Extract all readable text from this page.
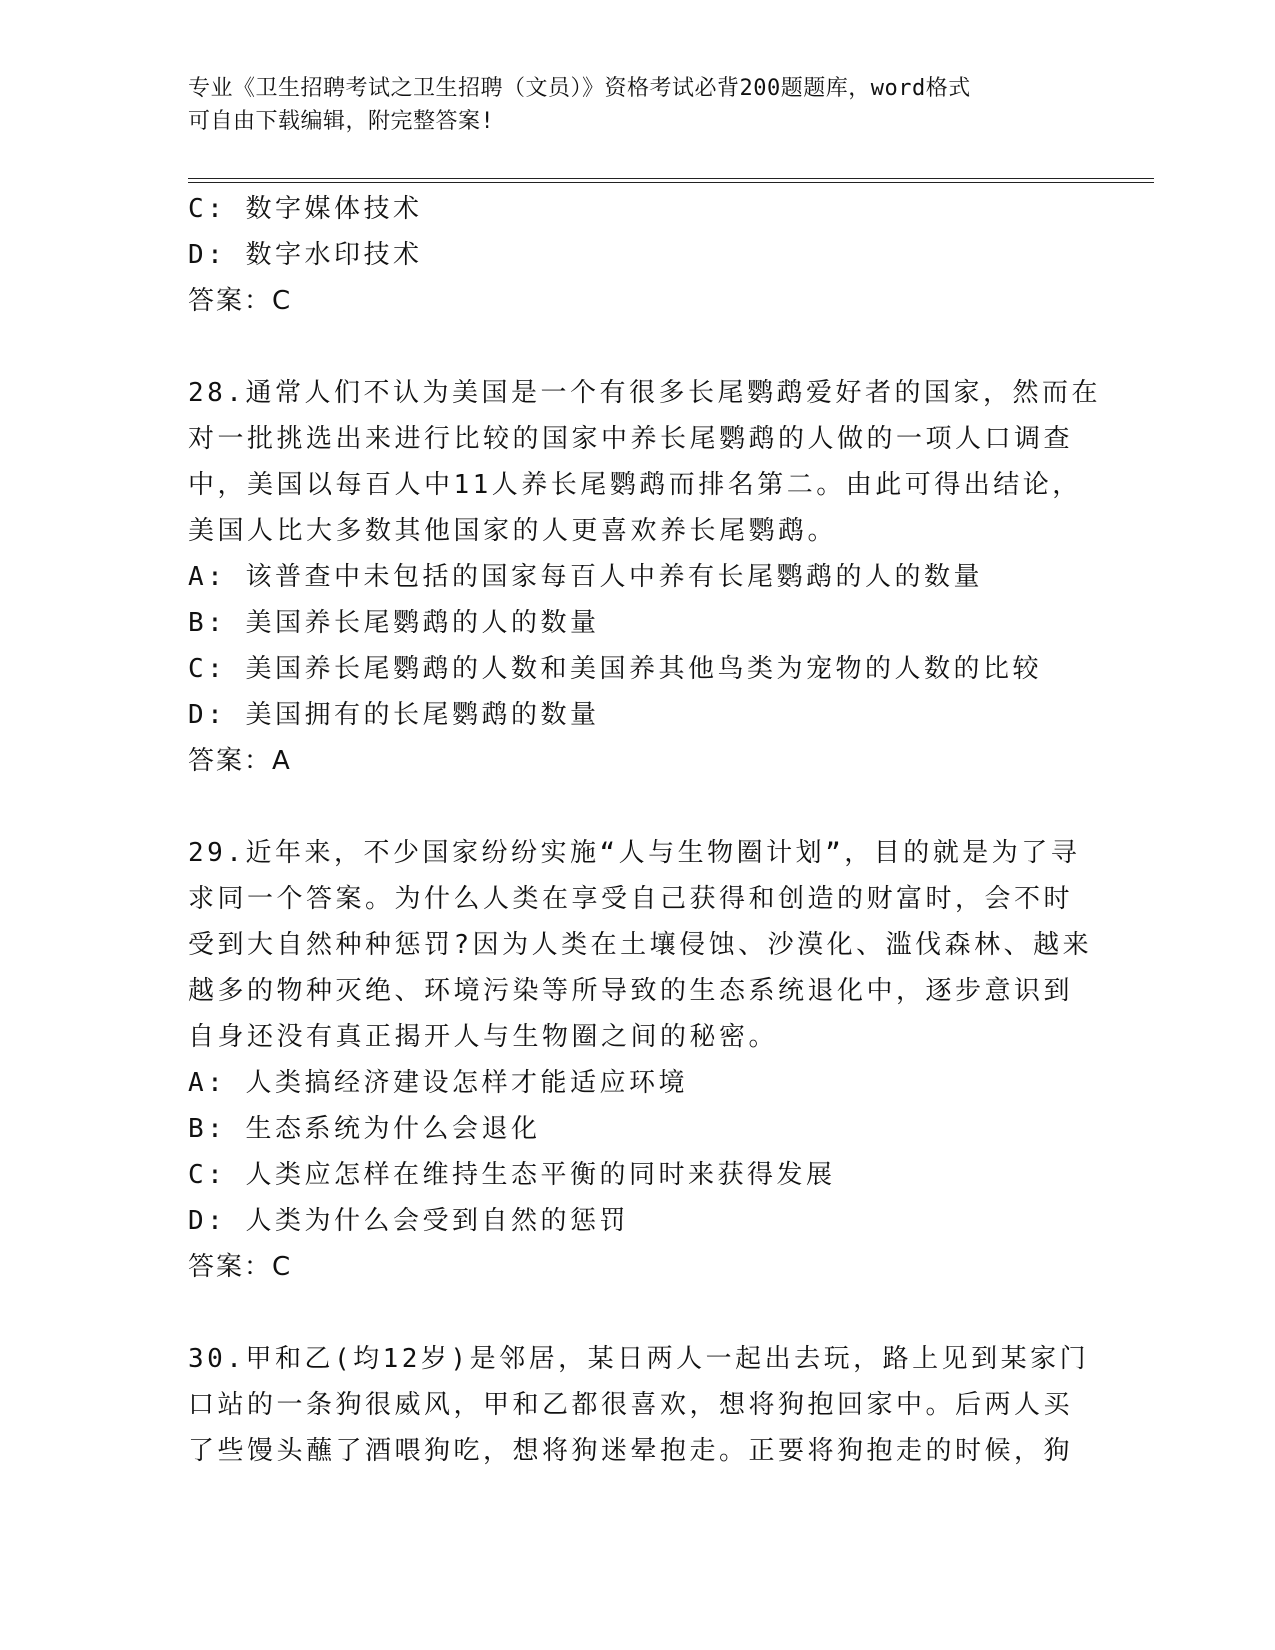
专业《卫生招聘考试之卫生招聘（文员）》资格考试必背200题题库，word格式
可自由下载编辑，附完整答案!
C: 数字媒体技术
D: 数字水印技术
答案：C
28.通常人们不认为美国是一个有很多长尾鹦鹉爱好者的国家，然而在
对一批挑选出来进行比较的国家中养长尾鹦鹉的人做的一项人口调查
中，美国以每百人中11人养长尾鹦鹉而排名第二。由此可得出结论，
美国人比大多数其他国家的人更喜欢养长尾鹦鹉。
A: 该普查中未包括的国家每百人中养有长尾鹦鹉的人的数量
B: 美国养长尾鹦鹉的人的数量
C: 美国养长尾鹦鹉的人数和美国养其他鸟类为宠物的人数的比较
D: 美国拥有的长尾鹦鹉的数量
答案：A
29.近年来，不少国家纷纷实施“人与生物圈计划”，目的就是为了寻
求同一个答案。为什么人类在享受自己获得和创造的财富时，会不时
受到大自然种种惩罚?因为人类在土壤侵蚀、沙漠化、滥伐森林、越来
越多的物种灭绝、环境污染等所导致的生态系统退化中，逐步意识到
自身还没有真正揭开人与生物圈之间的秘密。
A: 人类搞经济建设怎样才能适应环境
B: 生态系统为什么会退化
C: 人类应怎样在维持生态平衡的同时来获得发展
D: 人类为什么会受到自然的惩罚
答案：C
30.甲和乙(均12岁)是邻居，某日两人一起出去玩，路上见到某家门
口站的一条狗很威风，甲和乙都很喜欢，想将狗抱回家中。后两人买
了些馒头蘸了酒喂狗吃，想将狗迷晕抱走。正要将狗抱走的时候，狗
